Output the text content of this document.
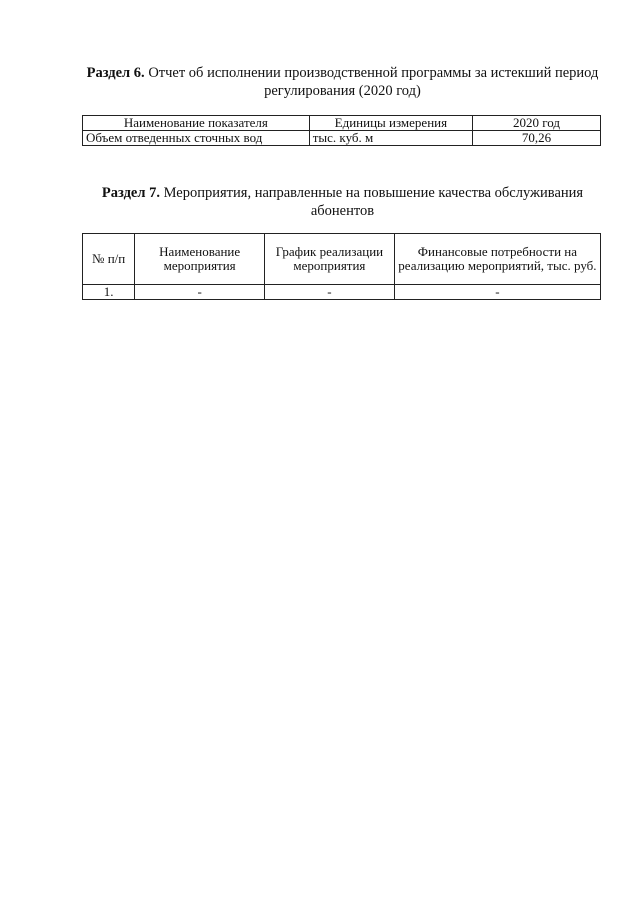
Раздел 6. Отчет об исполнении производственной программы за истекший период регулирования (2020 год)
Наименование показателя	Единицы измерения	2020 год
Объем отведенных сточных вод	тыс. куб. м	70,26
Раздел 7. Мероприятия, направленные на повышение качества обслуживания абонентов
№ п/п	Наименование мероприятия	График реализации мероприятия	Финансовые потребности на реализацию мероприятий, тыс. руб.
1.	-	-	-
